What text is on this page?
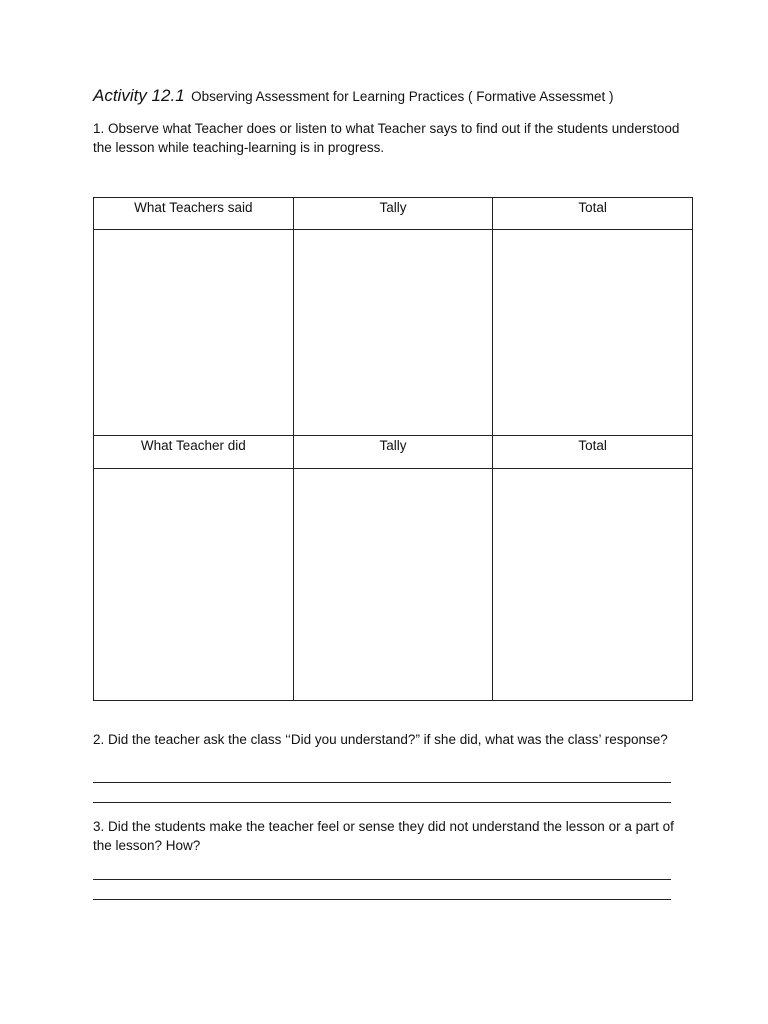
Activity 12.1 Observing Assessment for Learning Practices ( Formative Assessmet )
1. Observe what Teacher does or listen to what Teacher says to find out if the students understood the lesson while teaching-learning is in progress.
What Teachers said	Tally	Total

What Teacher did	Tally	Total

2. Did the teacher ask the class ‘‘Did you understand?” if she did, what was the class’ response?
3. Did the students make the teacher feel or sense they did not understand the lesson or a part of the lesson? How?
